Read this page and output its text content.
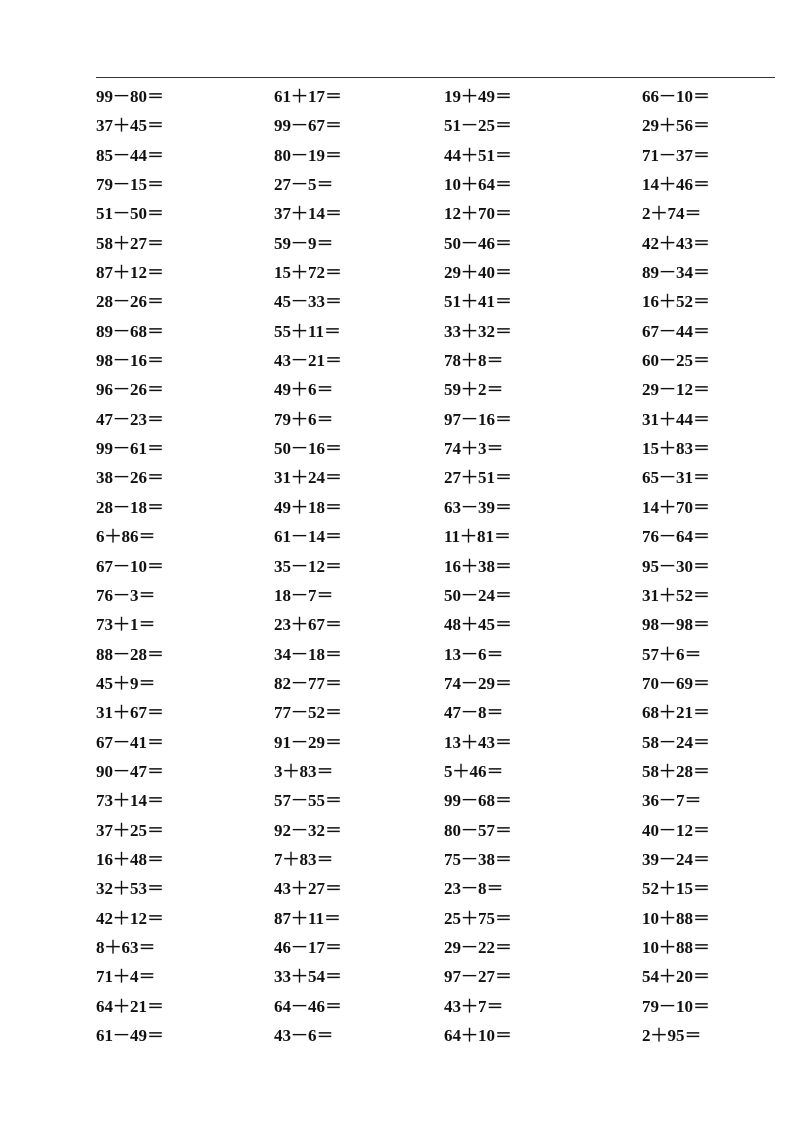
99－80＝	61＋17＝	19＋49＝	66－10＝
37＋45＝	99－67＝	51－25＝	29＋56＝
85－44＝	80－19＝	44＋51＝	71－37＝
79－15＝	27－5＝	10＋64＝	14＋46＝
51－50＝	37＋14＝	12＋70＝	2＋74＝
58＋27＝	59－9＝	50－46＝	42＋43＝
87＋12＝	15＋72＝	29＋40＝	89－34＝
28－26＝	45－33＝	51＋41＝	16＋52＝
89－68＝	55＋11＝	33＋32＝	67－44＝
98－16＝	43－21＝	78＋8＝	60－25＝
96－26＝	49＋6＝	59＋2＝	29－12＝
47－23＝	79＋6＝	97－16＝	31＋44＝
99－61＝	50－16＝	74＋3＝	15＋83＝
38－26＝	31＋24＝	27＋51＝	65－31＝
28－18＝	49＋18＝	63－39＝	14＋70＝
6＋86＝	61－14＝	11＋81＝	76－64＝
67－10＝	35－12＝	16＋38＝	95－30＝
76－3＝	18－7＝	50－24＝	31＋52＝
73＋1＝	23＋67＝	48＋45＝	98－98＝
88－28＝	34－18＝	13－6＝	57＋6＝
45＋9＝	82－77＝	74－29＝	70－69＝
31＋67＝	77－52＝	47－8＝	68＋21＝
67－41＝	91－29＝	13＋43＝	58－24＝
90－47＝	3＋83＝	5＋46＝	58＋28＝
73＋14＝	57－55＝	99－68＝	36－7＝
37＋25＝	92－32＝	80－57＝	40－12＝
16＋48＝	7＋83＝	75－38＝	39－24＝
32＋53＝	43＋27＝	23－8＝	52＋15＝
42＋12＝	87＋11＝	25＋75＝	10＋88＝
8＋63＝	46－17＝	29－22＝	10＋88＝
71＋4＝	33＋54＝	97－27＝	54＋20＝
64＋21＝	64－46＝	43＋7＝	79－10＝
61－49＝	43－6＝	64＋10＝	2＋95＝
